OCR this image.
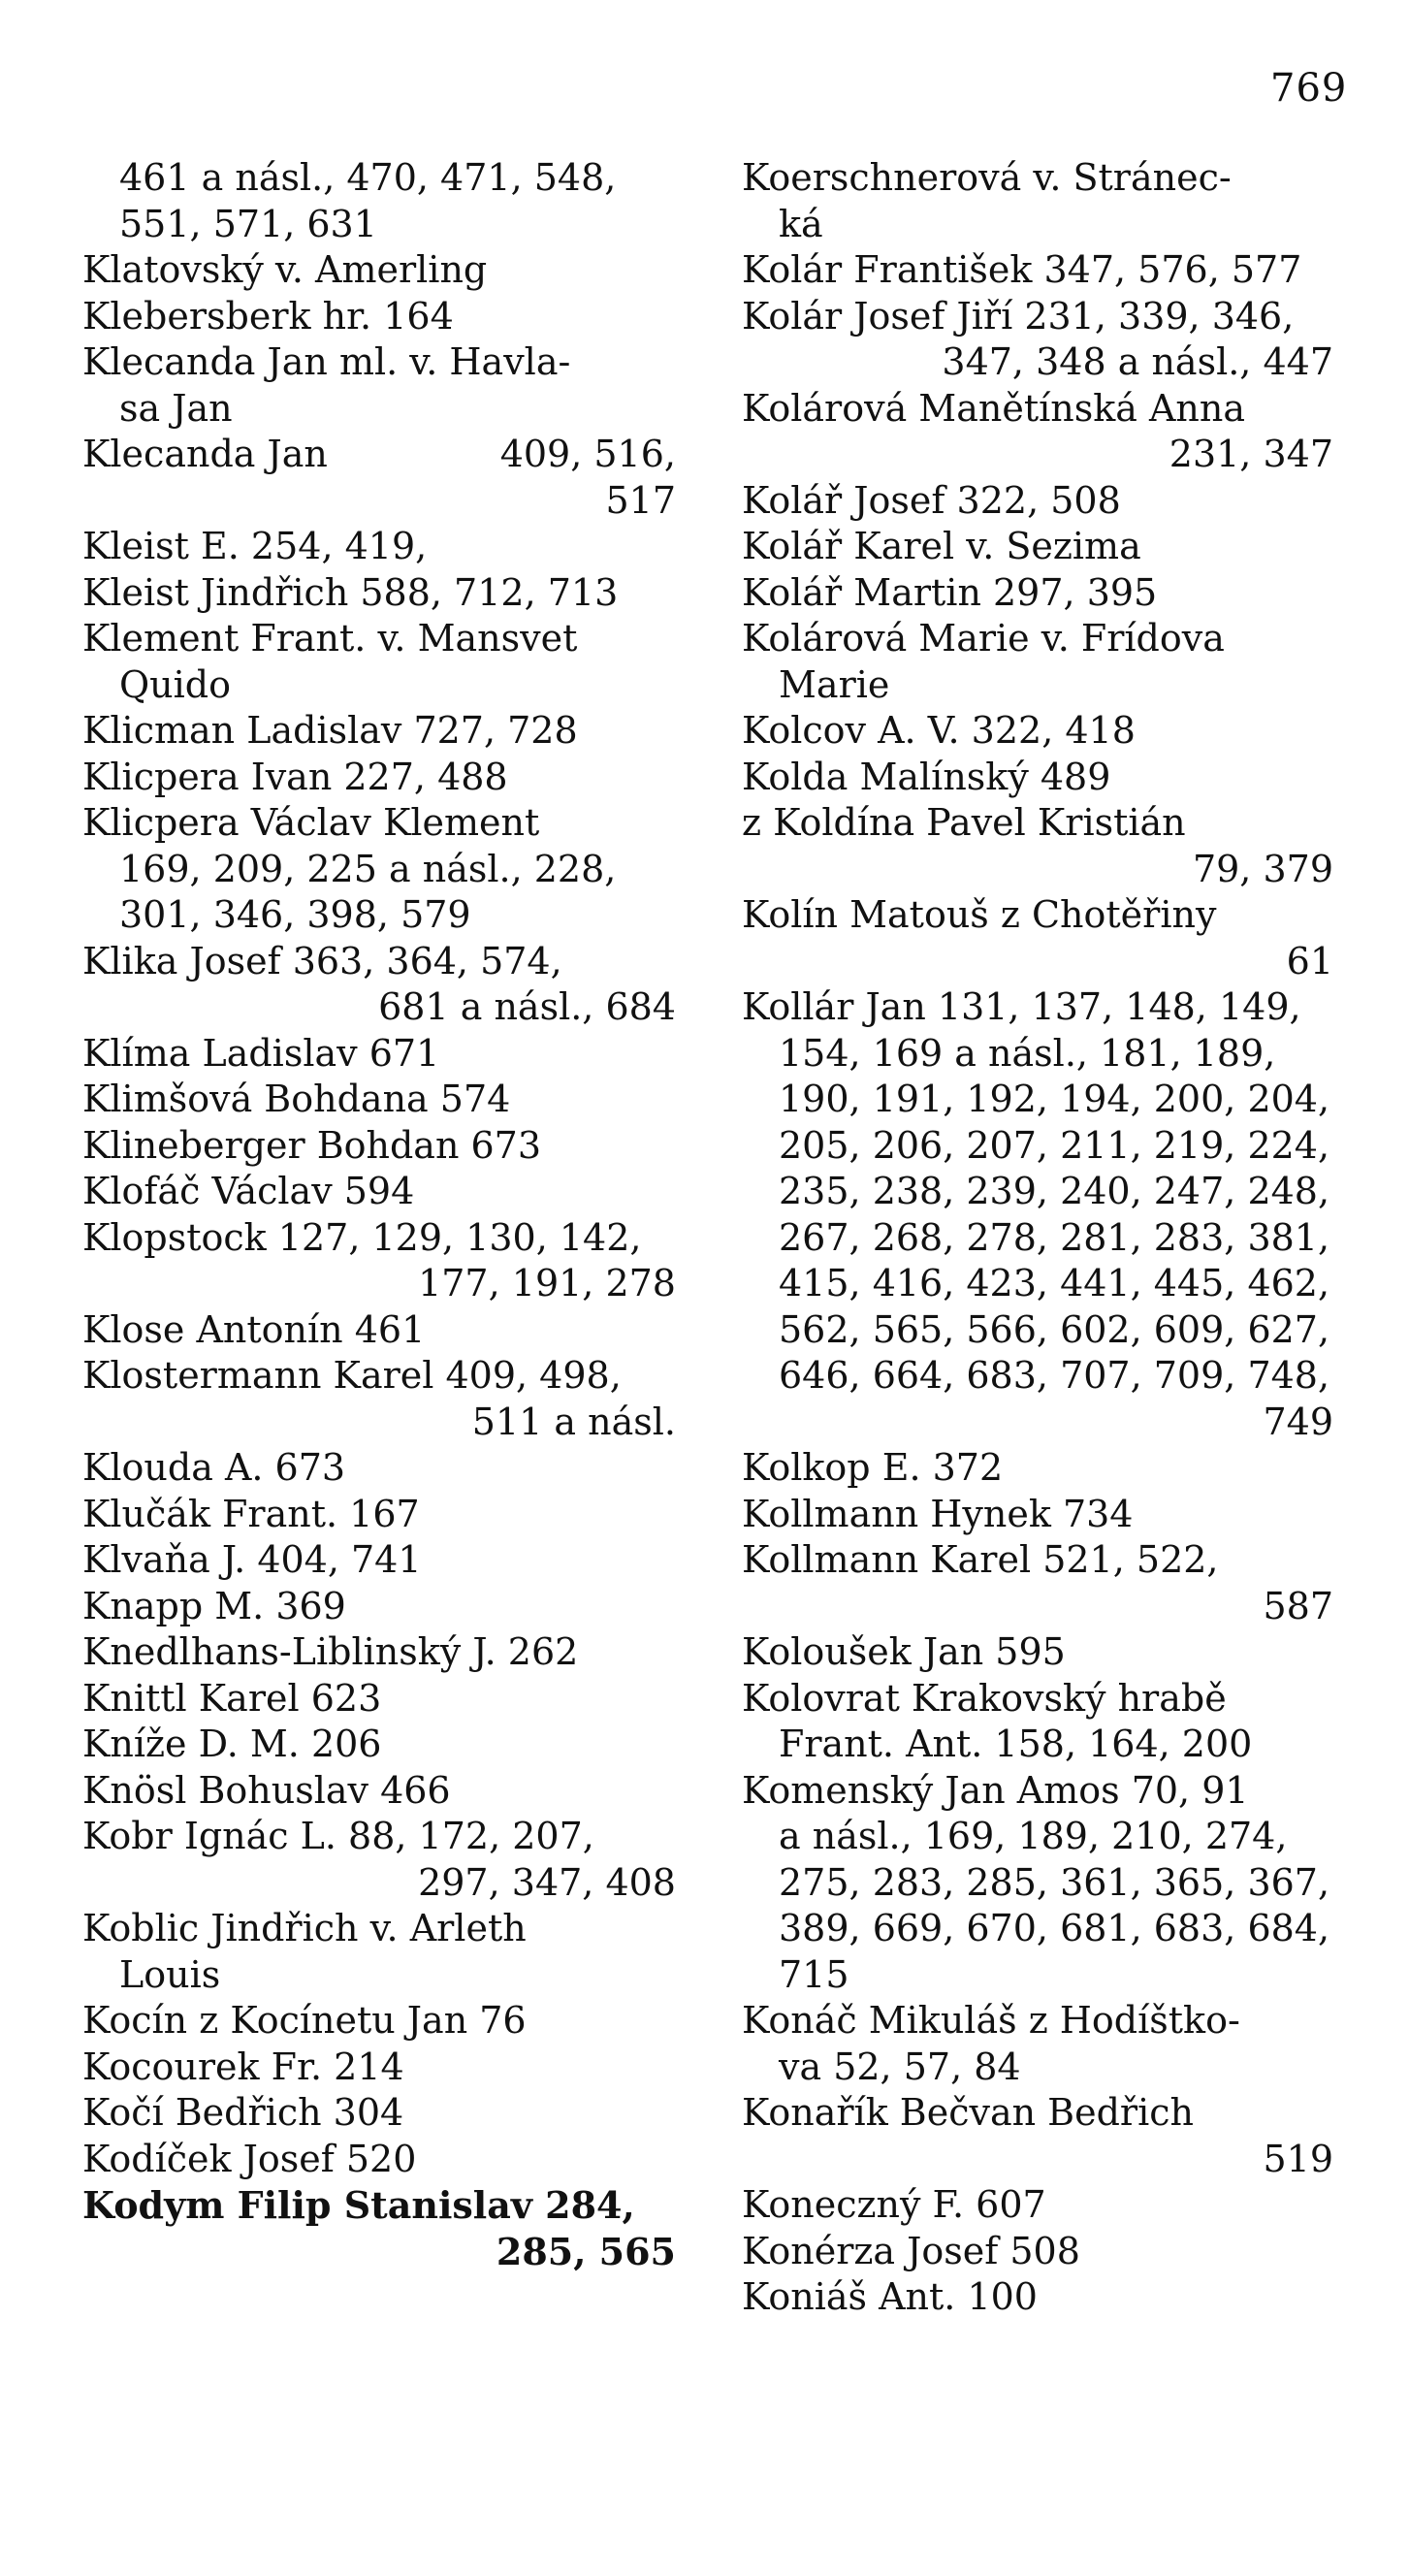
769
461 a násl., 470, 471, 548,
551, 571, 631
Klatovský v. Amerling
Klebersberk hr. 164
Klecanda Jan ml. v. Havla-
sa Jan
Klecanda Jan	409, 516,
517
Kleist E. 254, 419,
Kleist Jindřich 588, 712, 713
Klement Frant. v. Mansvet
Quido
Klicman Ladislav 727, 728
Klicpera Ivan 227, 488
Klicpera Václav Klement
169, 209, 225 a násl., 228,
301, 346, 398, 579
Klika Josef 363, 364, 574,
681 a násl., 684
Klíma Ladislav 671
Klimšová Bohdana 574
Klineberger Bohdan 673
Klofáč Václav 594
Klopstock 127, 129, 130, 142,
177, 191, 278
Klose Antonín 461
Klostermann Karel 409, 498,
511 a násl.
Klouda A. 673
Klučák Frant. 167
Klvaňa J. 404, 741
Knapp M. 369
Knedlhans-Liblinský J. 262
Knittl Karel 623
Kníže D. M. 206
Knösl Bohuslav 466
Kobr Ignác L. 88, 172, 207,
297, 347, 408
Koblic Jindřich v. Arleth
Louis
Kocín z Kocínetu Jan 76
Kocourek Fr. 214
Kočí Bedřich 304
Kodíček Josef 520
Kodym Filip Stanislav 284,
285, 565
Koerschnerová v. Stránec-
ká
Kolár František 347, 576, 577
Kolár Josef Jiří 231, 339, 346,
347, 348 a násl., 447
Kolárová Manětínská Anna
231, 347
Kolář Josef 322, 508
Kolář Karel v. Sezima
Kolář Martin 297, 395
Kolárová Marie v. Frídova
Marie
Kolcov A. V. 322, 418
Kolda Malínský 489
z Koldína Pavel Kristián
79, 379
Kolín Matouš z Chotěřiny
61
Kollár Jan 131, 137, 148, 149,
154, 169 a násl., 181, 189,
190, 191, 192, 194, 200, 204,
205, 206, 207, 211, 219, 224,
235, 238, 239, 240, 247, 248,
267, 268, 278, 281, 283, 381,
415, 416, 423, 441, 445, 462,
562, 565, 566, 602, 609, 627,
646, 664, 683, 707, 709, 748,
749
Kolkop E. 372
Kollmann Hynek 734
Kollmann Karel 521, 522,
587
Koloušek Jan 595
Kolovrat Krakovský hrabě
Frant. Ant. 158, 164, 200
Komenský Jan Amos 70, 91
a násl., 169, 189, 210, 274,
275, 283, 285, 361, 365, 367,
389, 669, 670, 681, 683, 684,
715
Konáč Mikuláš z Hodíštko-
va 52, 57, 84
Konařík Bečvan Bedřich
519
Koneczný F. 607
Konérza Josef 508
Koniáš Ant. 100
